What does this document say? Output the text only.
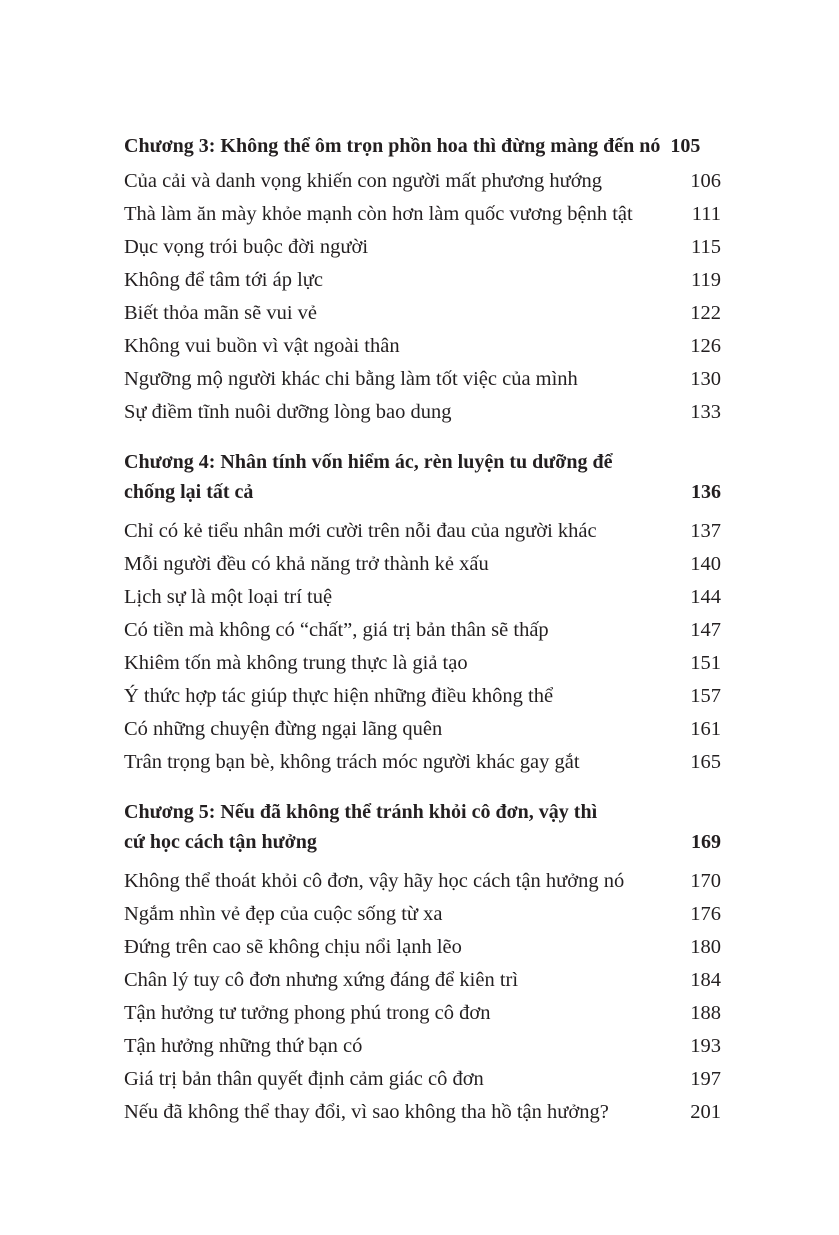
Chương 3: Không thể ôm trọn phồn hoa thì đừng màng đến nó 105
Của cải và danh vọng khiến con người mất phương hướng	106
Thà làm ăn mày khỏe mạnh còn hơn làm quốc vương bệnh tật	111
Dục vọng trói buộc đời người	115
Không để tâm tới áp lực	119
Biết thỏa mãn sẽ vui vẻ	122
Không vui buồn vì vật ngoài thân	126
Ngưỡng mộ người khác chi bằng làm tốt việc của mình	130
Sự điềm tĩnh nuôi dưỡng lòng bao dung	133
Chương 4: Nhân tính vốn hiểm ác, rèn luyện tu dưỡng để
chống lại tất cả	136
Chỉ có kẻ tiểu nhân mới cười trên nỗi đau của người khác	137
Mỗi người đều có khả năng trở thành kẻ xấu	140
Lịch sự là một loại trí tuệ	144
Có tiền mà không có “chất”, giá trị bản thân sẽ thấp	147
Khiêm tốn mà không trung thực là giả tạo	151
Ý thức hợp tác giúp thực hiện những điều không thể	157
Có những chuyện đừng ngại lãng quên	161
Trân trọng bạn bè, không trách móc người khác gay gắt	165
Chương 5: Nếu đã không thể tránh khỏi cô đơn, vậy thì
cứ học cách tận hưởng	169
Không thể thoát khỏi cô đơn, vậy hãy học cách tận hưởng nó	170
Ngắm nhìn vẻ đẹp của cuộc sống từ xa	176
Đứng trên cao sẽ không chịu nổi lạnh lẽo	180
Chân lý tuy cô đơn nhưng xứng đáng để kiên trì	184
Tận hưởng tư tưởng phong phú trong cô đơn	188
Tận hưởng những thứ bạn có	193
Giá trị bản thân quyết định cảm giác cô đơn	197
Nếu đã không thể thay đổi, vì sao không tha hồ tận hưởng?	201
